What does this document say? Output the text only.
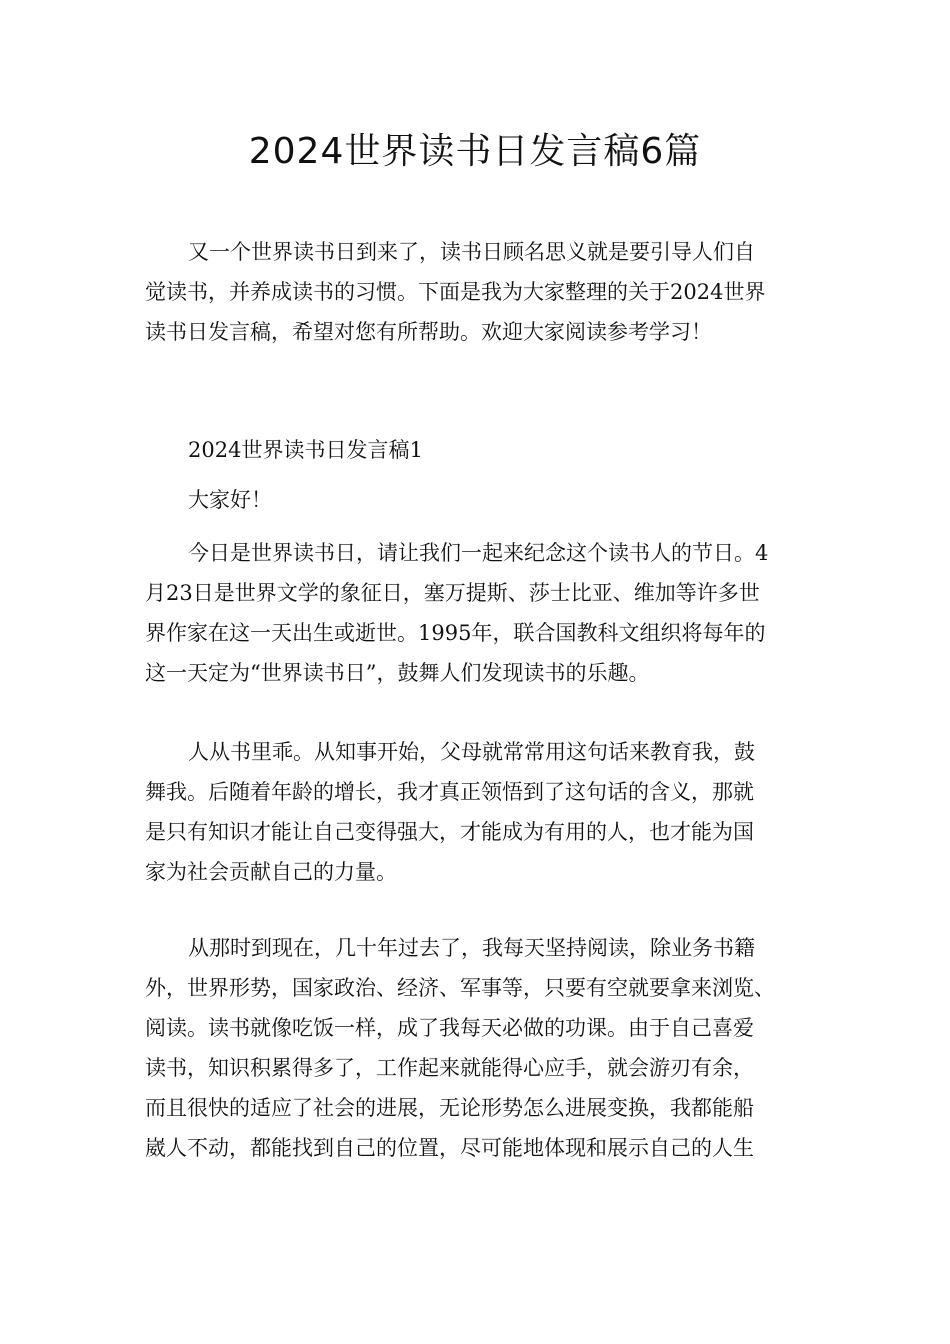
2024世界读书日发言稿6篇
又一个世界读书日到来了，读书日顾名思义就是要引导人们自
觉读书，并养成读书的习惯。下面是我为大家整理的关于2024世界
读书日发言稿，希望对您有所帮助。欢迎大家阅读参考学习！
2024世界读书日发言稿1
大家好！
今日是世界读书日，请让我们一起来纪念这个读书人的节日。4
月23日是世界文学的象征日，塞万提斯、莎士比亚、维加等许多世
界作家在这一天出生或逝世。1995年，联合国教科文组织将每年的
这一天定为“世界读书日”，鼓舞人们发现读书的乐趣。
人从书里乖。从知事开始，父母就常常用这句话来教育我，鼓
舞我。后随着年龄的增长，我才真正领悟到了这句话的含义，那就
是只有知识才能让自己变得强大，才能成为有用的人，也才能为国
家为社会贡献自己的力量。
从那时到现在，几十年过去了，我每天坚持阅读，除业务书籍
外，世界形势，国家政治、经济、军事等，只要有空就要拿来浏览、
阅读。读书就像吃饭一样，成了我每天必做的功课。由于自己喜爱
读书，知识积累得多了，工作起来就能得心应手，就会游刃有余，
而且很快的适应了社会的进展，无论形势怎么进展变换，我都能船
崴人不动，都能找到自己的位置，尽可能地体现和展示自己的人生
